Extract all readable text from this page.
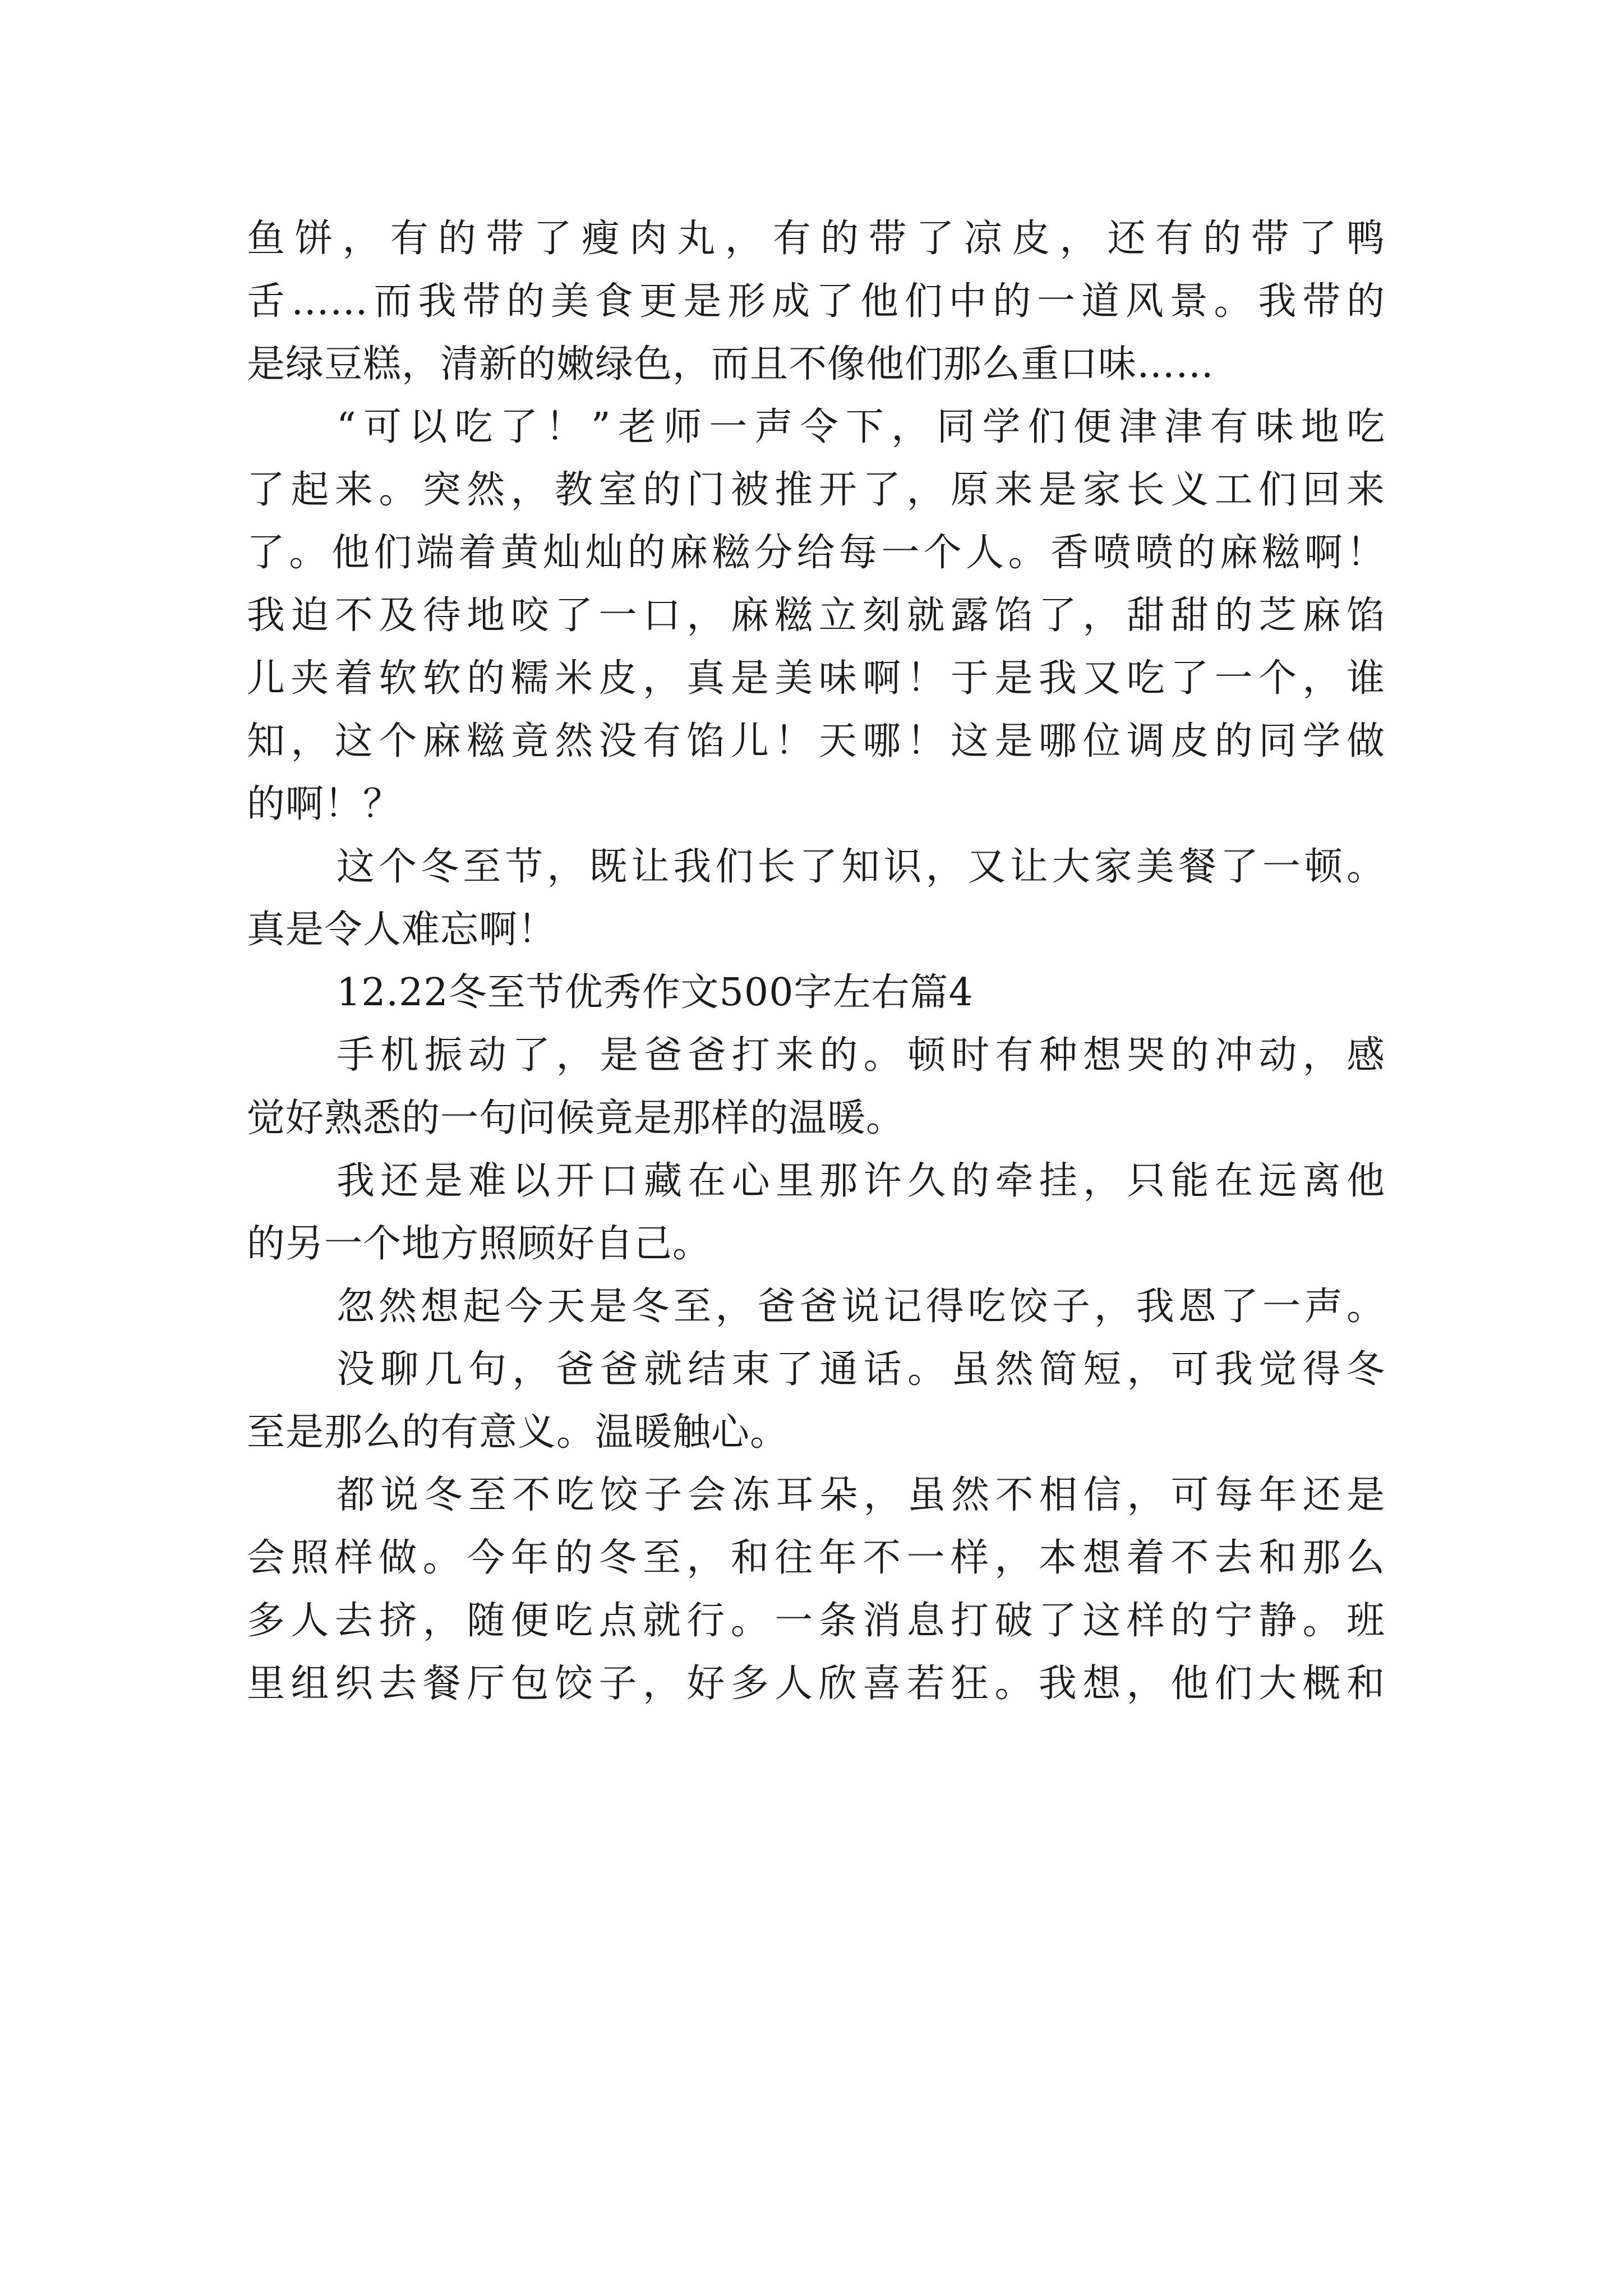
鱼饼，有的带了瘦肉丸，有的带了凉皮，还有的带了鸭
舌……而我带的美食更是形成了他们中的一道风景。我带的
是绿豆糕，清新的嫩绿色，而且不像他们那么重口味……
“可以吃了！”老师一声令下，同学们便津津有味地吃
了起来。突然，教室的门被推开了，原来是家长义工们回来
了。他们端着黄灿灿的麻糍分给每一个人。香喷喷的麻糍啊！
我迫不及待地咬了一口，麻糍立刻就露馅了，甜甜的芝麻馅
儿夹着软软的糯米皮，真是美味啊！于是我又吃了一个，谁
知，这个麻糍竟然没有馅儿！天哪！这是哪位调皮的同学做
的啊！？
这个冬至节，既让我们长了知识，又让大家美餐了一顿。
真是令人难忘啊！
12.22冬至节优秀作文500字左右篇4
手机振动了，是爸爸打来的。顿时有种想哭的冲动，感
觉好熟悉的一句问候竟是那样的温暖。
我还是难以开口藏在心里那许久的牵挂，只能在远离他
的另一个地方照顾好自己。
忽然想起今天是冬至，爸爸说记得吃饺子，我恩了一声。
没聊几句，爸爸就结束了通话。虽然简短，可我觉得冬
至是那么的有意义。温暖触心。
都说冬至不吃饺子会冻耳朵，虽然不相信，可每年还是
会照样做。今年的冬至，和往年不一样，本想着不去和那么
多人去挤，随便吃点就行。一条消息打破了这样的宁静。班
里组织去餐厅包饺子，好多人欣喜若狂。我想，他们大概和
